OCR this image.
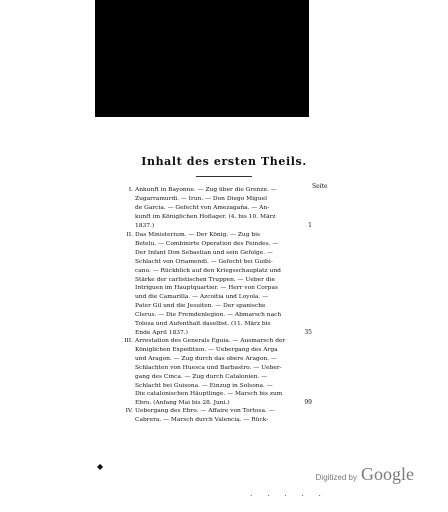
Inhalt des ersten Theils.
Seite
I. Ankunft in Bayonne. — Zug über die Grenze. —
Zugarramurdi. — Irun. — Don Diego Miguel
de Garcia. — Gefecht von Amezagaña. — An-
kunft im Königlichen Hoflager. (4. bis 10. März
1837.)	1
II. Das Ministerium. — Der König. — Zug bis
Betelu. — Combinirte Operation des Feindes. —
Der Infant Don Sebastian und sein Gefolge. —
Schlacht von Oriamendi. — Gefecht bei Guibi-
cano. — Rückblick auf den Kriegsschauplatz und
Stärke der carlistischen Truppen. — Ueber die
Intriguen im Hauptquartier. — Herr von Corpas
und die Camarilla. — Azcoitia und Loyola. —
Pater Gil und die Jesuiten. — Der spanische
Clerus. — Die Fremdenlegion. — Abmarsch nach
Tolosa und Aufenthalt daselbst. (11. März bis
Ende April 1837.)	35
III. Arrestation des Generals Eguia. — Ausmarsch der
Königlichen Expedition. — Uebergang des Arga
und Aragon. — Zug durch das obere Aragon. —
Schlachten von Huesca und Barbastro. — Ueber-
gang des Cinca. — Zug durch Catalonien. —
Schlacht bei Guisona. — Einzug in Solsona. —
Die catalonischen Häuptlinge. — Marsch bis zum
Ebro. (Anfang Mai bis 28. Juni.)	99
IV. Uebergang des Ebro. — Affaire von Tortosa. —
Cabrera. — Marsch durch Valencia. — Rück-
◆
Digitized by Google
. . . . .
